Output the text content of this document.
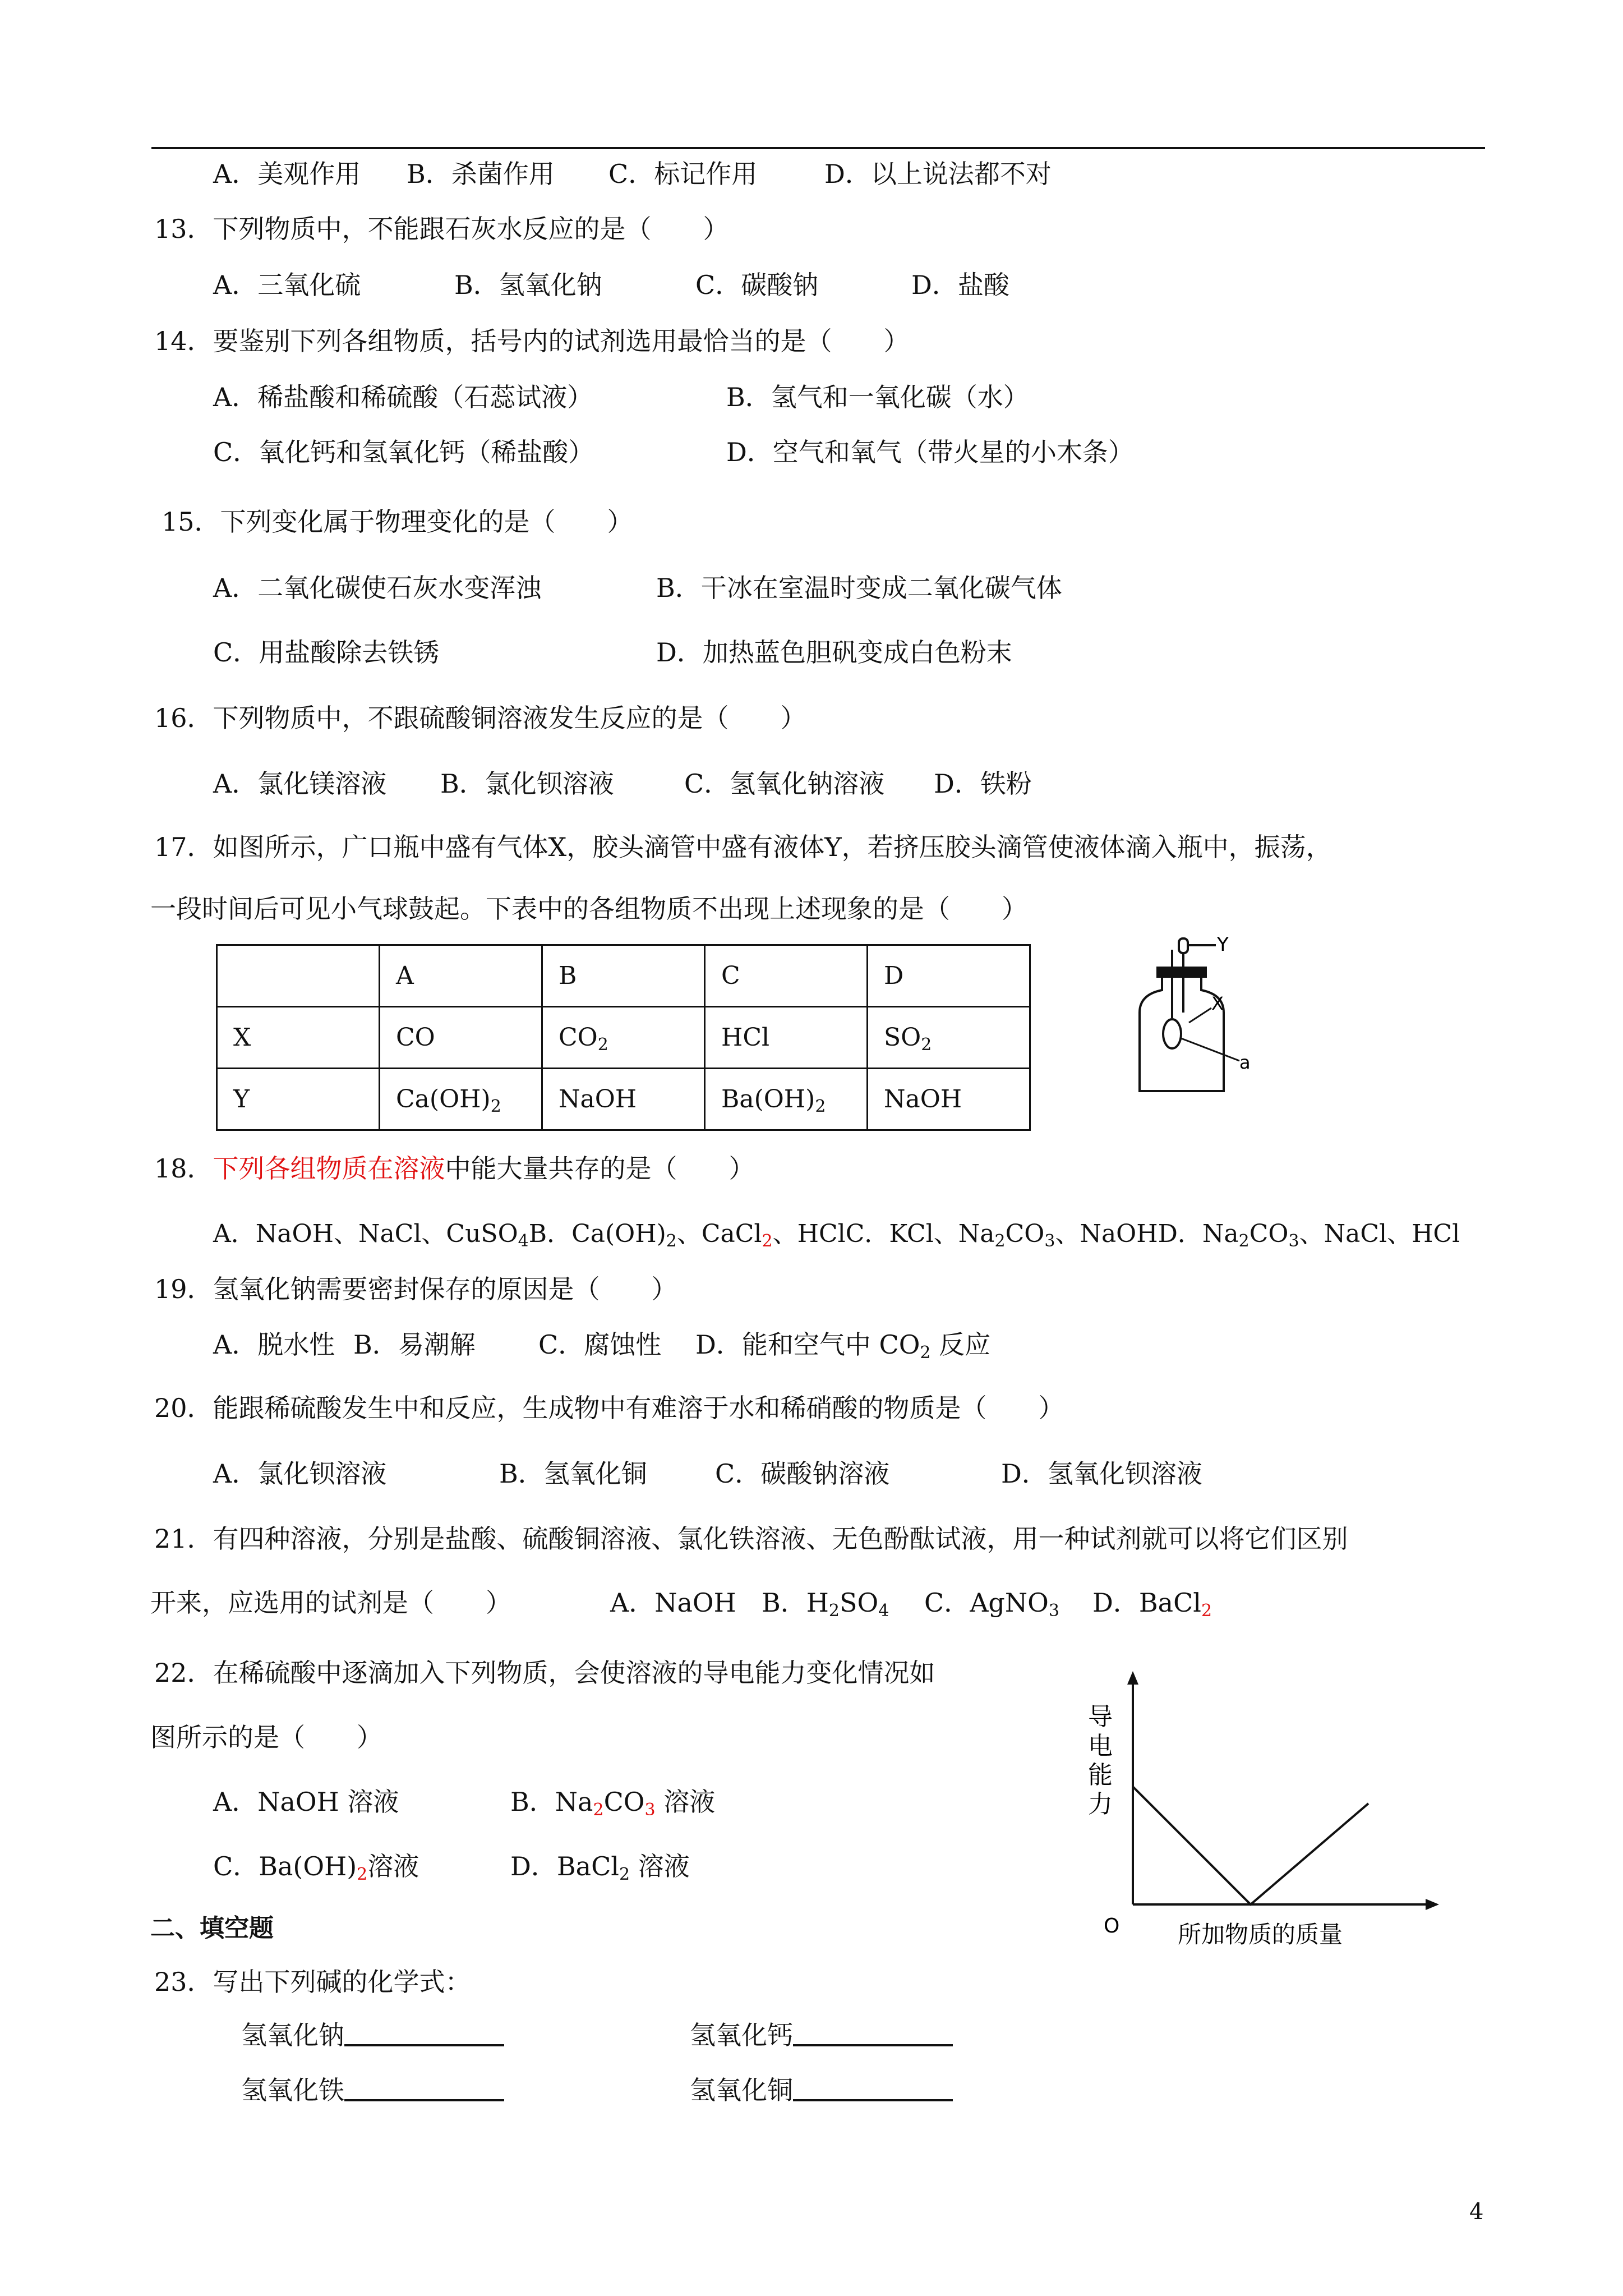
A．美观作用 B．杀菌作用 C．标记作用	D．以上说法都不对
13．下列物质中，不能跟石灰水反应的是（　　）
A．三氧化硫	B．氢氧化钠	C．碳酸钠	D．盐酸
14．要鉴别下列各组物质，括号内的试剂选用最恰当的是（　　）
A．稀盐酸和稀硫酸（石蕊试液）	B．氢气和一氧化碳（水）
C．氧化钙和氢氧化钙（稀盐酸）	D．空气和氧气（带火星的小木条）
15．下列变化属于物理变化的是（　　）
A．二氧化碳使石灰水变浑浊	B．干冰在室温时变成二氧化碳气体
C．用盐酸除去铁锈	D．加热蓝色胆矾变成白色粉末
16．下列物质中，不跟硫酸铜溶液发生反应的是（　　）
A．氯化镁溶液 B．氯化钡溶液	C．氢氧化钠溶液 D．铁粉
17．如图所示，广口瓶中盛有气体X，胶头滴管中盛有液体Y，若挤压胶头滴管使液体滴入瓶中，振荡，
一段时间后可见小气球鼓起。下表中的各组物质不出现上述现象的是（　　）
	A	B	C	D
X	CO	$CO_2$	HCl	$SO_2$
Y	$Ca(OH)_2$	NaOH	$Ba(OH)_2$	NaOH
Y
X
a
18．下列各组物质在溶液中能大量共存的是（　　）
A．NaOH、NaCl、CuSO$_4$B．$Ca(OH)_2$、CaCl$_2$、HClC．KCl、$Na_2CO_3$、NaOHD．$Na_2CO_3$、NaCl、HCl
19．氢氧化钠需要密封保存的原因是（　　）
A．脱水性 B．易潮解 C．腐蚀性 D．能和空气中 $CO_2$ 反应
20．能跟稀硫酸发生中和反应，生成物中有难溶于水和稀硝酸的物质是（　　）
A．氯化钡溶液	B．氢氧化铜	C．碳酸钠溶液	D．氢氧化钡溶液
21．有四种溶液，分别是盐酸、硫酸铜溶液、氯化铁溶液、无色酚酞试液，用一种试剂就可以将它们区别
开来，应选用的试剂是（　　）	A．NaOH B．$H_2SO_4$ C．AgNO$_3$ D．BaCl$_2$
22．在稀硫酸中逐滴加入下列物质，会使溶液的导电能力变化情况如
图所示的是（　　）
A．NaOH 溶液	B．$Na_2CO_3$ 溶液
C．$Ba(OH)_2$溶液	D．BaCl$_2$ 溶液
导
电
能
力
O 所加物质的质量
二、填空题
23．写出下列碱的化学式：
氢氧化钠	氢氧化钙
氢氧化铁	氢氧化铜
4
